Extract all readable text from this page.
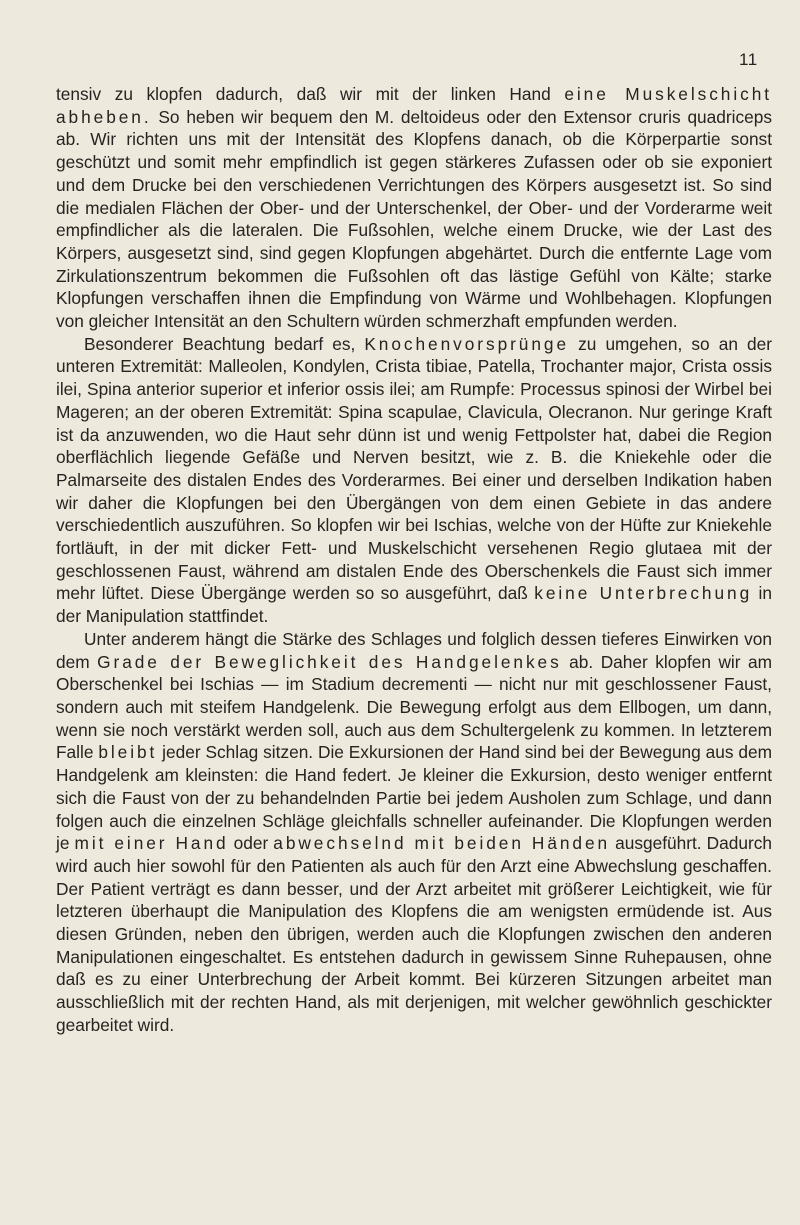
11

tensiv zu klopfen dadurch, daß wir mit der linken Hand eine Muskelschicht abheben. So heben wir bequem den M. deltoideus oder den Extensor cruris quadriceps ab. Wir richten uns mit der Intensität des Klopfens danach, ob die Körperpartie sonst geschützt und somit mehr empfindlich ist gegen stärkeres Zufassen oder ob sie exponiert und dem Drucke bei den verschiedenen Verrichtungen des Körpers ausgesetzt ist. So sind die medialen Flächen der Ober- und der Unterschenkel, der Ober- und der Vorderarme weit empfindlicher als die lateralen. Die Fußsohlen, welche einem Drucke, wie der Last des Körpers, ausgesetzt sind, sind gegen Klopfungen abgehärtet. Durch die entfernte Lage vom Zirkulationszentrum bekommen die Fußsohlen oft das lästige Gefühl von Kälte; starke Klopfungen verschaffen ihnen die Empfindung von Wärme und Wohlbehagen. Klopfungen von gleicher Intensität an den Schultern würden schmerzhaft empfunden werden.

Besonderer Beachtung bedarf es, Knochenvorsprünge zu umgehen, so an der unteren Extremität: Malleolen, Kondylen, Crista tibiae, Patella, Trochanter major, Crista ossis ilei, Spina anterior superior et inferior ossis ilei; am Rumpfe: Processus spinosi der Wirbel bei Mageren; an der oberen Extremität: Spina scapulae, Clavicula, Olecranon. Nur geringe Kraft ist da anzuwenden, wo die Haut sehr dünn ist und wenig Fettpolster hat, dabei die Region oberflächlich liegende Gefäße und Nerven besitzt, wie z. B. die Kniekehle oder die Palmarseite des distalen Endes des Vorderarmes. Bei einer und derselben Indikation haben wir daher die Klopfungen bei den Übergängen von dem einen Gebiete in das andere verschiedentlich auszuführen. So klopfen wir bei Ischias, welche von der Hüfte zur Kniekehle fortläuft, in der mit dicker Fett- und Muskelschicht versehenen Regio glutaea mit der geschlossenen Faust, während am distalen Ende des Oberschenkels die Faust sich immer mehr lüftet. Diese Übergänge werden so so ausgeführt, daß keine Unterbrechung in der Manipulation stattfindet.

Unter anderem hängt die Stärke des Schlages und folglich dessen tieferes Einwirken von dem Grade der Beweglichkeit des Handgelenkes ab. Daher klopfen wir am Oberschenkel bei Ischias — im Stadium decrementi — nicht nur mit geschlossener Faust, sondern auch mit steifem Handgelenk. Die Bewegung erfolgt aus dem Ellbogen, um dann, wenn sie noch verstärkt werden soll, auch aus dem Schultergelenk zu kommen. In letzterem Falle bleibt jeder Schlag sitzen. Die Exkursionen der Hand sind bei der Bewegung aus dem Handgelenk am kleinsten: die Hand federt. Je kleiner die Exkursion, desto weniger entfernt sich die Faust von der zu behandelnden Partie bei jedem Ausholen zum Schlage, und dann folgen auch die einzelnen Schläge gleichfalls schneller aufeinander. Die Klopfungen werden je mit einer Hand oder abwechselnd mit beiden Händen ausgeführt. Dadurch wird auch hier sowohl für den Patienten als auch für den Arzt eine Abwechslung geschaffen. Der Patient verträgt es dann besser, und der Arzt arbeitet mit größerer Leichtigkeit, wie für letzteren überhaupt die Manipulation des Klopfens die am wenigsten ermüdende ist. Aus diesen Gründen, neben den übrigen, werden auch die Klopfungen zwischen den anderen Manipulationen eingeschaltet. Es entstehen dadurch in gewissem Sinne Ruhepausen, ohne daß es zu einer Unterbrechung der Arbeit kommt. Bei kürzeren Sitzungen arbeitet man ausschließlich mit der rechten Hand, als mit derjenigen, mit welcher gewöhnlich geschickter gearbeitet wird.
